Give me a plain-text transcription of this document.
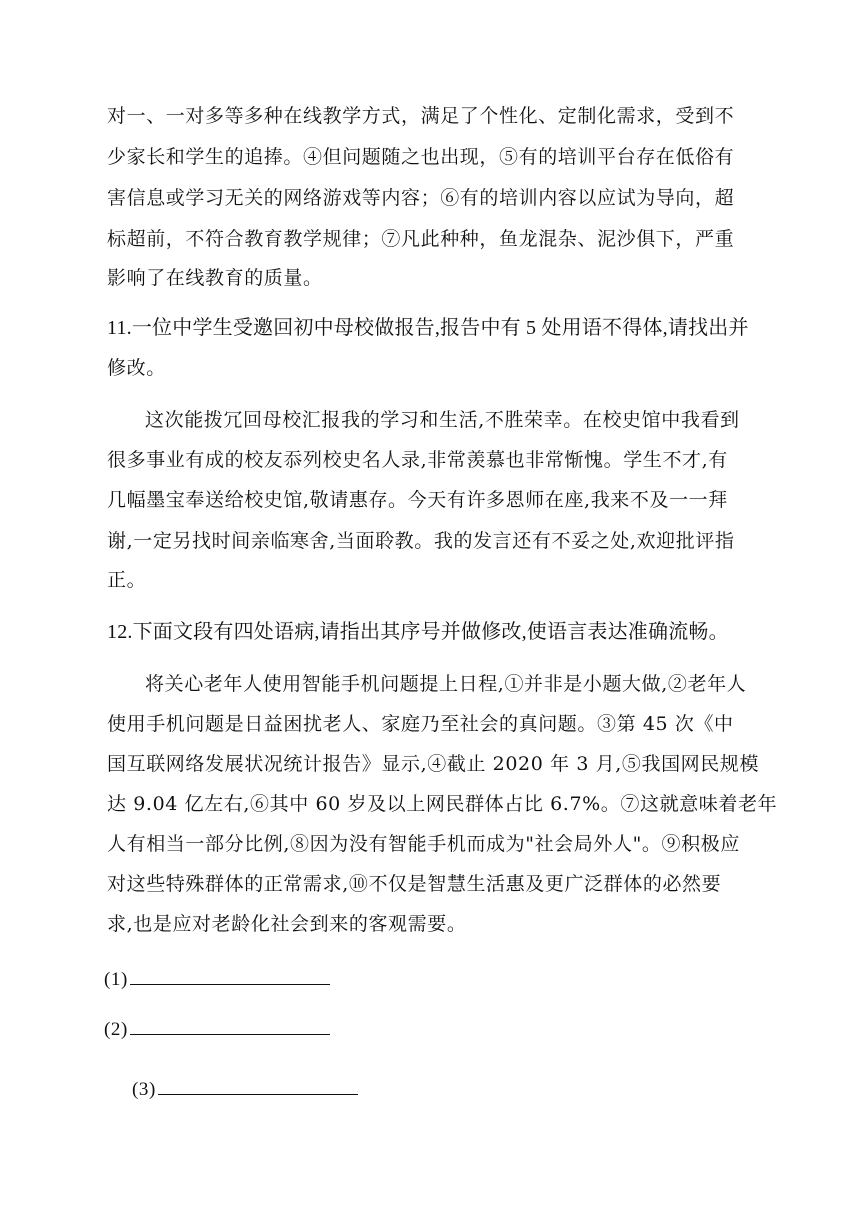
对一、一对多等多种在线教学方式，满足了个性化、定制化需求，受到不
少家长和学生的追捧。④但问题随之也出现，⑤有的培训平台存在低俗有
害信息或学习无关的网络游戏等内容；⑥有的培训内容以应试为导向，超
标超前，不符合教育教学规律；⑦凡此种种，鱼龙混杂、泥沙俱下，严重
影响了在线教育的质量。
11.一位中学生受邀回初中母校做报告,报告中有 5 处用语不得体,请找出并
修改。
这次能拨冗回母校汇报我的学习和生活,不胜荣幸。在校史馆中我看到
很多事业有成的校友忝列校史名人录,非常羡慕也非常惭愧。学生不才,有
几幅墨宝奉送给校史馆,敬请惠存。今天有许多恩师在座,我来不及一一拜
谢,一定另找时间亲临寒舍,当面聆教。我的发言还有不妥之处,欢迎批评指
正。
12.下面文段有四处语病,请指出其序号并做修改,使语言表达准确流畅。
将关心老年人使用智能手机问题提上日程,①并非是小题大做,②老年人
使用手机问题是日益困扰老人、家庭乃至社会的真问题。③第 45 次《中
国互联网络发展状况统计报告》显示,④截止 2020 年 3 月,⑤我国网民规模
达 9.04 亿左右,⑥其中 60 岁及以上网民群体占比 6.7%。⑦这就意味着老年
人有相当一部分比例,⑧因为没有智能手机而成为"社会局外人"。⑨积极应
对这些特殊群体的正常需求,⑩不仅是智慧生活惠及更广泛群体的必然要
求,也是应对老龄化社会到来的客观需要。
(1)
(2)
(3)
